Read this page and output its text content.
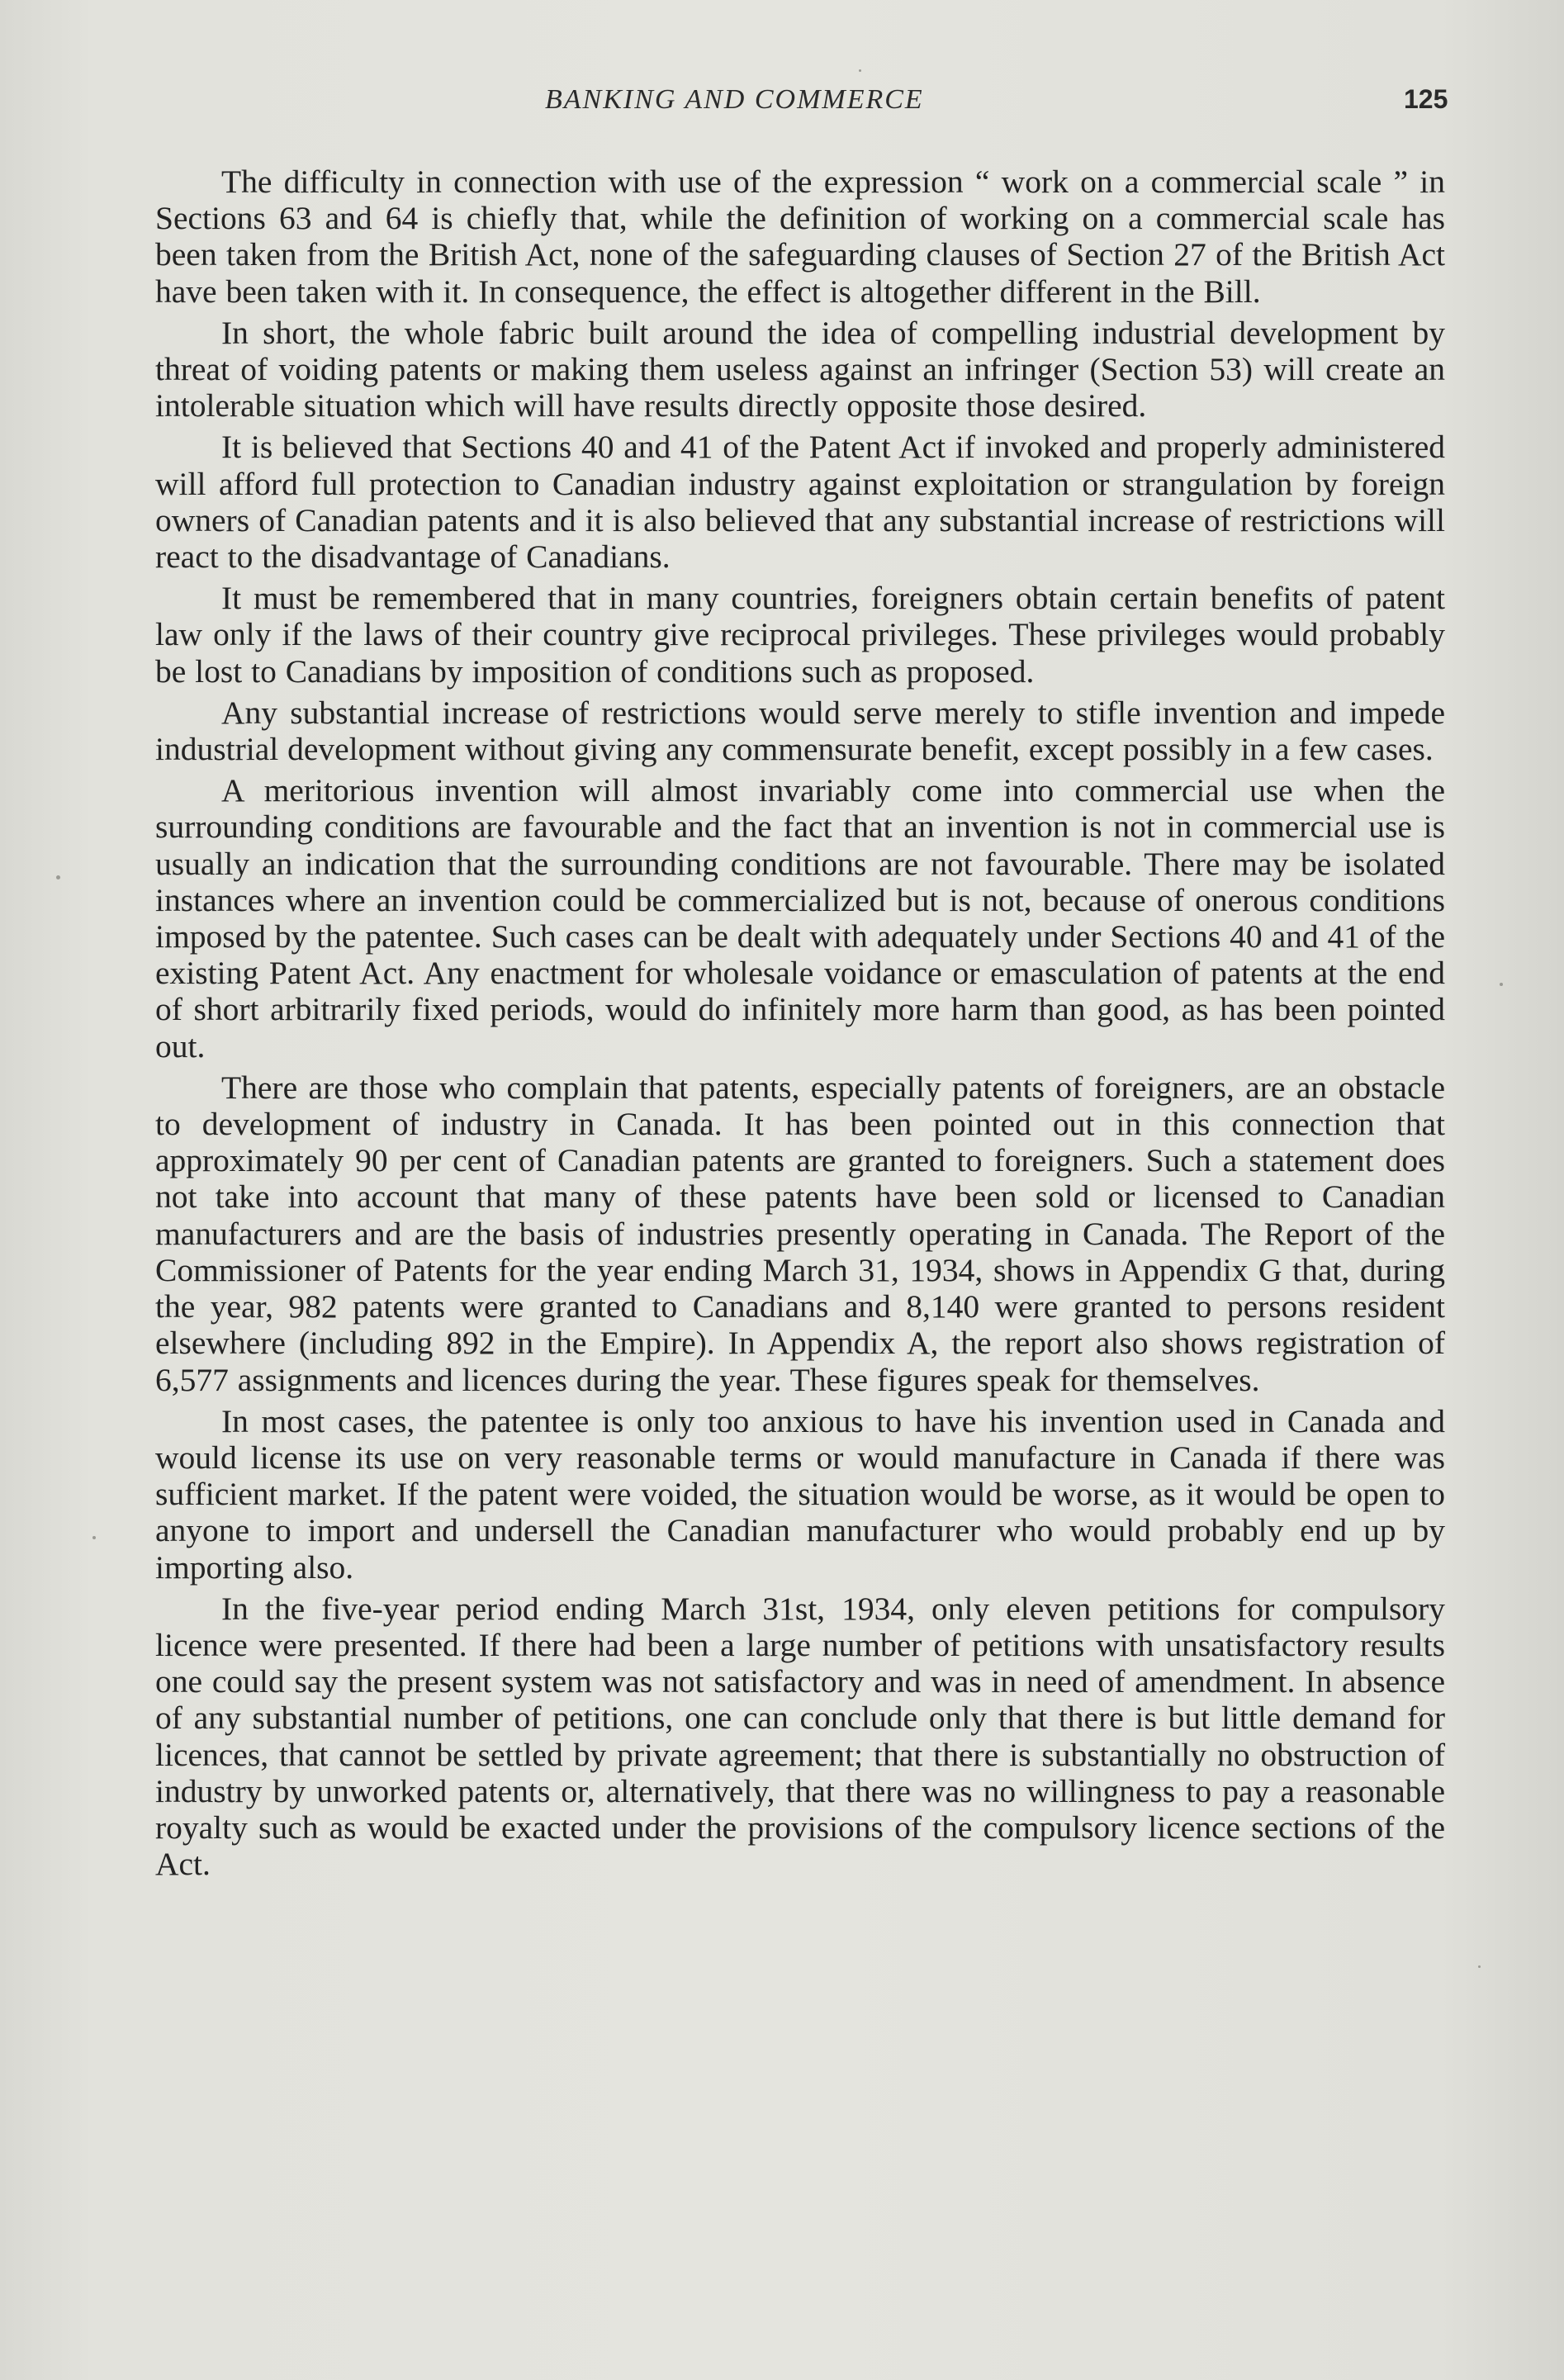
BANKING AND COMMERCE	125

The difficulty in connection with use of the expression “ work on a commercial scale ” in Sections 63 and 64 is chiefly that, while the definition of working on a commercial scale has been taken from the British Act, none of the safeguarding clauses of Section 27 of the British Act have been taken with it. In consequence, the effect is altogether different in the Bill.

In short, the whole fabric built around the idea of compelling industrial development by threat of voiding patents or making them useless against an infringer (Section 53) will create an intolerable situation which will have results directly opposite those desired.

It is believed that Sections 40 and 41 of the Patent Act if invoked and properly administered will afford full protection to Canadian industry against exploitation or strangulation by foreign owners of Canadian patents and it is also believed that any substantial increase of restrictions will react to the disadvantage of Canadians.

It must be remembered that in many countries, foreigners obtain certain benefits of patent law only if the laws of their country give reciprocal privileges. These privileges would probably be lost to Canadians by imposition of conditions such as proposed.

Any substantial increase of restrictions would serve merely to stifle invention and impede industrial development without giving any commensurate benefit, except possibly in a few cases.

A meritorious invention will almost invariably come into commercial use when the surrounding conditions are favourable and the fact that an invention is not in commercial use is usually an indication that the surrounding conditions are not favourable. There may be isolated instances where an invention could be commercialized but is not, because of onerous conditions imposed by the patentee. Such cases can be dealt with adequately under Sections 40 and 41 of the existing Patent Act. Any enactment for wholesale voidance or emasculation of patents at the end of short arbitrarily fixed periods, would do infinitely more harm than good, as has been pointed out.

There are those who complain that patents, especially patents of foreigners, are an obstacle to development of industry in Canada. It has been pointed out in this connection that approximately 90 per cent of Canadian patents are granted to foreigners. Such a statement does not take into account that many of these patents have been sold or licensed to Canadian manufacturers and are the basis of industries presently operating in Canada. The Report of the Commissioner of Patents for the year ending March 31, 1934, shows in Appendix G that, during the year, 982 patents were granted to Canadians and 8,140 were granted to persons resident elsewhere (including 892 in the Empire). In Appendix A, the report also shows registration of 6,577 assignments and licences during the year. These figures speak for themselves.

In most cases, the patentee is only too anxious to have his invention used in Canada and would license its use on very reasonable terms or would manufacture in Canada if there was sufficient market. If the patent were voided, the situation would be worse, as it would be open to anyone to import and undersell the Canadian manufacturer who would probably end up by importing also.

In the five-year period ending March 31st, 1934, only eleven petitions for compulsory licence were presented. If there had been a large number of petitions with unsatisfactory results one could say the present system was not satisfactory and was in need of amendment. In absence of any substantial number of petitions, one can conclude only that there is but little demand for licences, that cannot be settled by private agreement; that there is substantially no obstruction of industry by unworked patents or, alternatively, that there was no willingness to pay a reasonable royalty such as would be exacted under the provisions of the compulsory licence sections of the Act.
